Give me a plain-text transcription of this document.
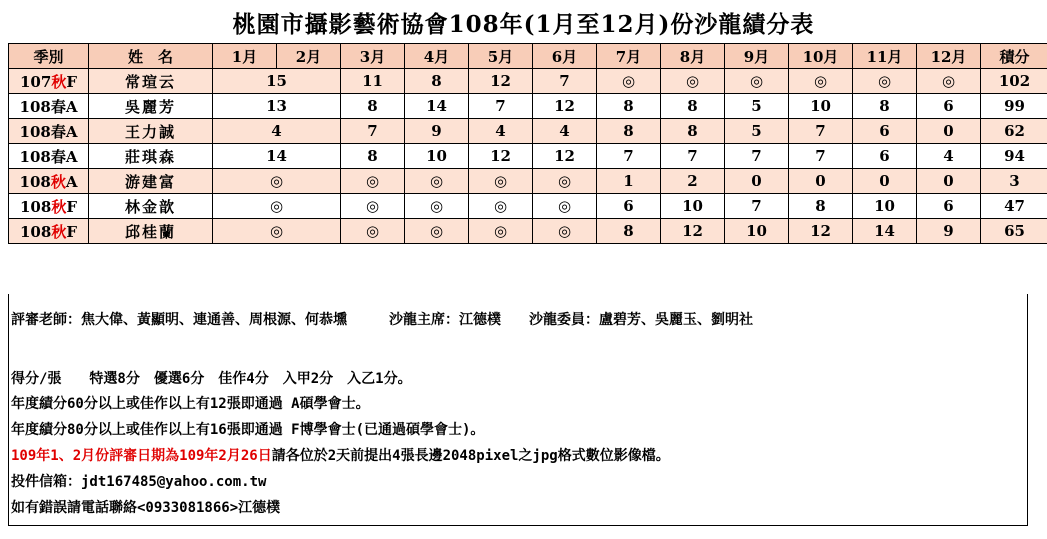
桃園市攝影藝術協會108年(1月至12月)份沙龍績分表
季別	姓　名	1月	2月	3月	4月	5月	6月	7月	8月	9月	10月	11月	12月	積分
107秋F	常瑄云	15		11	8	12	7	◎	◎	◎	◎	◎	◎	102
108春A	吳麗芳	13		8	14	7	12	8	8	5	10	8	6	99
108春A	王力誠	4		7	9	4	4	8	8	5	7	6	0	62
108春A	莊琪森	14		8	10	12	12	7	7	7	7	6	4	94
108秋A	游建富	◎		◎	◎	◎	◎	1	2	0	0	0	0	3
108秋F	林金歆	◎		◎	◎	◎	◎	6	10	7	8	10	6	47
108秋F	邱桂蘭	◎		◎	◎	◎	◎	8	12	10	12	14	9	65
評審老師：焦大偉、黃顯明、連通善、周根源、何恭壎　　　沙龍主席：江德樸　　沙龍委員：盧碧芳、吳麗玉、劉明社
得分/張　　特選8分　優選6分　佳作4分　入甲2分　入乙1分。
年度績分60分以上或佳作以上有12張即通過 A碩學會士。
年度績分80分以上或佳作以上有16張即通過 F博學會士(已通過碩學會士)。
109年1、2月份評審日期為109年2月26日請各位於2天前提出4張長邊2048pixel之jpg格式數位影像檔。
投件信箱：jdt167485@yahoo.com.tw
如有錯誤請電話聯絡<0933081866>江德樸
